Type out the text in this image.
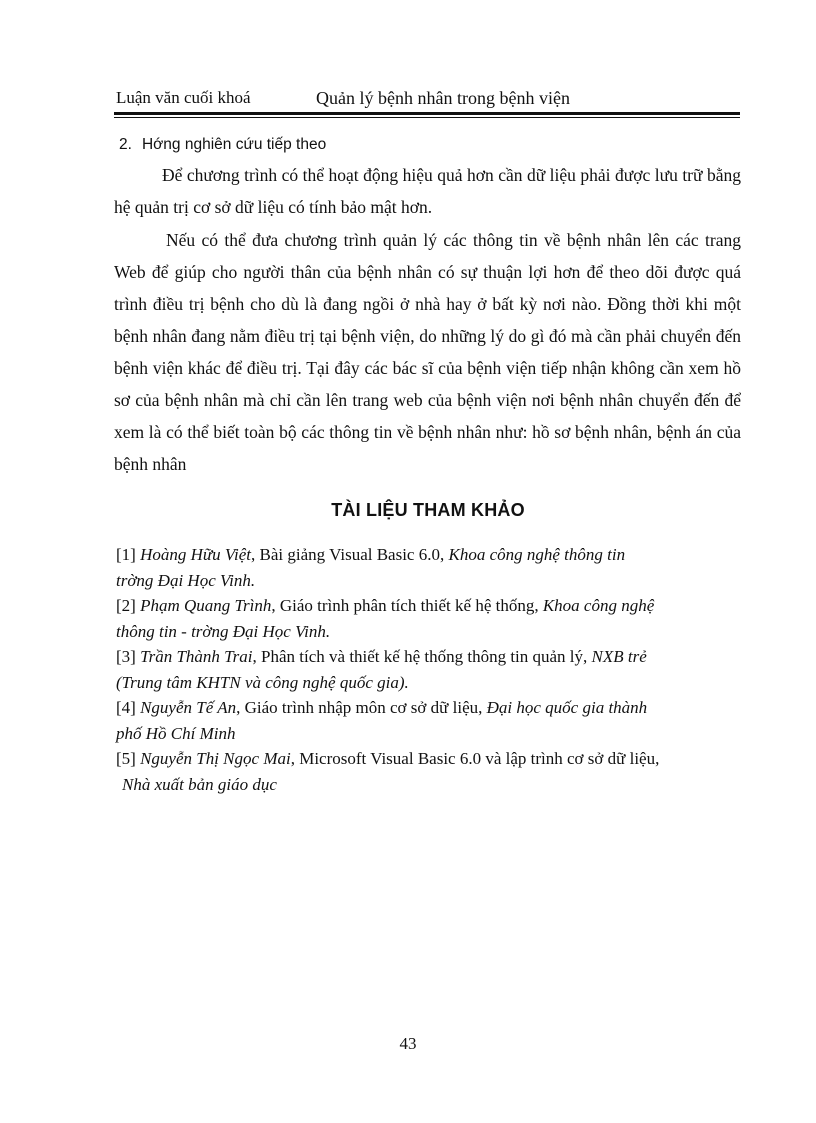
Luận văn cuối khoá	Quản lý bệnh nhân trong bệnh viện
2. Hớng nghiên cứu tiếp theo

Để chương trình có thể hoạt động hiệu quả hơn cần dữ liệu phải được lưu trữ bằng hệ quản trị cơ sở dữ liệu có tính bảo mật hơn.

Nếu có thể đưa chương trình quản lý các thông tin về bệnh nhân lên các trang Web để giúp cho người thân của bệnh nhân có sự thuận lợi hơn để theo dõi được quá trình điều trị bệnh cho dù là đang ngồi ở nhà hay ở bất kỳ nơi nào. Đồng thời khi một bệnh nhân đang nằm điều trị tại bệnh viện, do những lý do gì đó mà cần phải chuyển đến bệnh viện khác để điều trị. Tại đây các bác sĩ của bệnh viện tiếp nhận không cần xem hồ sơ của bệnh nhân mà chỉ cần lên trang web của bệnh viện nơi bệnh nhân chuyển đến để xem là có thể biết toàn bộ các thông tin về bệnh nhân như: hồ sơ bệnh nhân, bệnh án của bệnh nhân

TÀI LIỆU THAM KHẢO
[1] Hoàng Hữu Việt, Bài giảng Visual Basic 6.0, Khoa công nghệ thông tin
trờng Đại Học Vinh.
[2] Phạm Quang Trình, Giáo trình phân tích thiết kế hệ thống, Khoa công nghệ
thông tin - trờng Đại Học Vinh.
[3] Trần Thành Trai, Phân tích và thiết kế hệ thống thông tin quản lý, NXB trẻ
(Trung tâm KHTN và công nghệ quốc gia).
[4] Nguyễn Tế An, Giáo trình nhập môn cơ sở dữ liệu, Đại học quốc gia thành
phố Hồ Chí Minh
[5] Nguyễn Thị Ngọc Mai, Microsoft Visual Basic 6.0 và lập trình cơ sở dữ liệu,
Nhà xuất bản giáo dục
43
